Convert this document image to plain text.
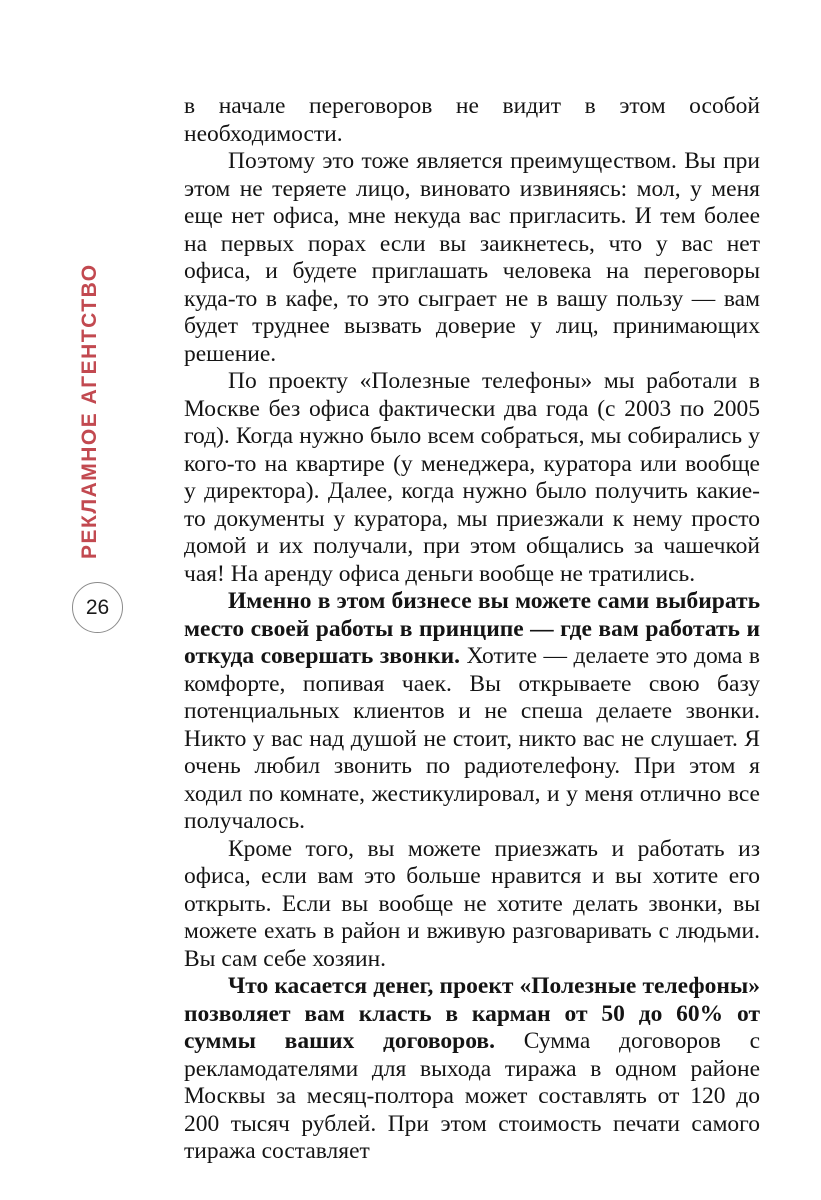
РЕКЛАМНОЕ АГЕНТСТВО
26

в начале переговоров не видит в этом особой необходимости.

Поэтому это тоже является преимуществом. Вы при этом не теряете лицо, виновато извиняясь: мол, у меня еще нет офиса, мне некуда вас пригласить. И тем более на первых порах если вы заикнетесь, что у вас нет офиса, и будете приглашать человека на переговоры куда-то в кафе, то это сыграет не в вашу пользу — вам будет труднее вызвать доверие у лиц, принимающих решение.

По проекту «Полезные телефоны» мы работали в Москве без офиса фактически два года (с 2003 по 2005 год). Когда нужно было всем собраться, мы собирались у кого-то на квартире (у менеджера, куратора или вообще у директора). Далее, когда нужно было получить какие-то документы у куратора, мы приезжали к нему просто домой и их получали, при этом общались за чашечкой чая! На аренду офиса деньги вообще не тратились.

Именно в этом бизнесе вы можете сами выбирать место своей работы в принципе — где вам работать и откуда совершать звонки. Хотите — делаете это дома в комфорте, попивая чаек. Вы открываете свою базу потенциальных клиентов и не спеша делаете звонки. Никто у вас над душой не стоит, никто вас не слушает. Я очень любил звонить по радиотелефону. При этом я ходил по комнате, жестикулировал, и у меня отлично все получалось.

Кроме того, вы можете приезжать и работать из офиса, если вам это больше нравится и вы хотите его открыть. Если вы вообще не хотите делать звонки, вы можете ехать в район и вживую разговаривать с людьми. Вы сам себе хозяин.

Что касается денег, проект «Полезные телефоны» позволяет вам класть в карман от 50 до 60% от суммы ваших договоров. Сумма договоров с рекламодателями для выхода тиража в одном районе Москвы за месяц-полтора может составлять от 120 до 200 тысяч рублей. При этом стоимость печати самого тиража составляет
